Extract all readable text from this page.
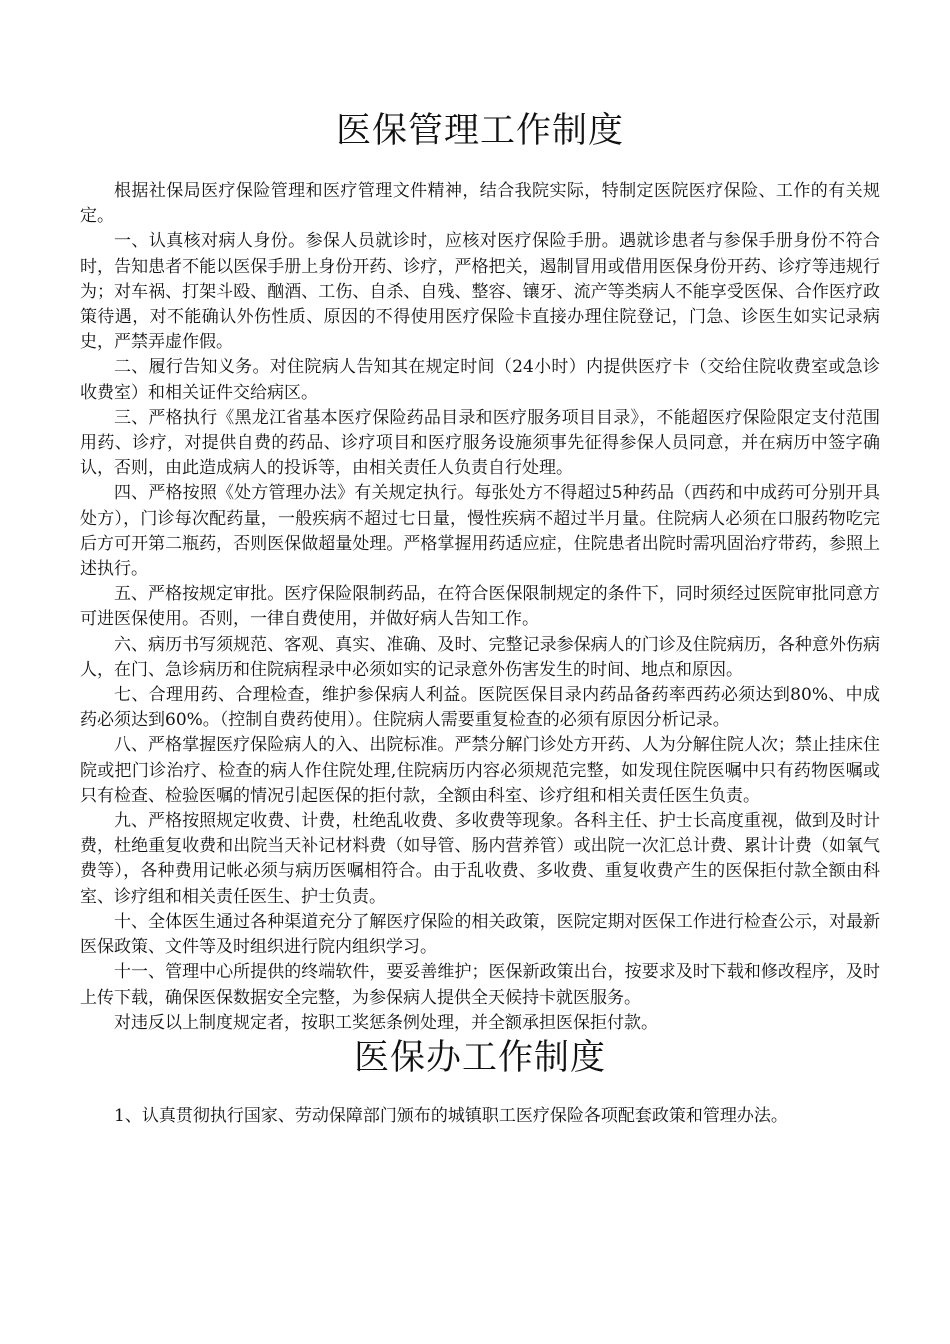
医保管理工作制度

根据社保局医疗保险管理和医疗管理文件精神，结合我院实际，特制定医院医疗保险、工作的有关规定。

一、认真核对病人身份。参保人员就诊时，应核对医疗保险手册。遇就诊患者与参保手册身份不符合时，告知患者不能以医保手册上身份开药、诊疗，严格把关，遏制冒用或借用医保身份开药、诊疗等违规行为；对车祸、打架斗殴、酗酒、工伤、自杀、自残、整容、镶牙、流产等类病人不能享受医保、合作医疗政策待遇，对不能确认外伤性质、原因的不得使用医疗保险卡直接办理住院登记，门急、诊医生如实记录病史，严禁弄虚作假。

二、履行告知义务。对住院病人告知其在规定时间（24小时）内提供医疗卡（交给住院收费室或急诊收费室）和相关证件交给病区。

三、严格执行《黑龙江省基本医疗保险药品目录和医疗服务项目目录》，不能超医疗保险限定支付范围用药、诊疗，对提供自费的药品、诊疗项目和医疗服务设施须事先征得参保人员同意，并在病历中签字确认，否则，由此造成病人的投诉等，由相关责任人负责自行处理。

四、严格按照《处方管理办法》有关规定执行。每张处方不得超过5种药品（西药和中成药可分别开具处方），门诊每次配药量，一般疾病不超过七日量，慢性疾病不超过半月量。住院病人必须在口服药物吃完后方可开第二瓶药，否则医保做超量处理。严格掌握用药适应症，住院患者出院时需巩固治疗带药，参照上述执行。

五、严格按规定审批。医疗保险限制药品，在符合医保限制规定的条件下，同时须经过医院审批同意方可进医保使用。否则，一律自费使用，并做好病人告知工作。

六、病历书写须规范、客观、真实、准确、及时、完整记录参保病人的门诊及住院病历，各种意外伤病人，在门、急诊病历和住院病程录中必须如实的记录意外伤害发生的时间、地点和原因。

七、合理用药、合理检查，维护参保病人利益。医院医保目录内药品备药率西药必须达到80%、中成药必须达到60%。（控制自费药使用）。住院病人需要重复检查的必须有原因分析记录。

八、严格掌握医疗保险病人的入、出院标准。严禁分解门诊处方开药、人为分解住院人次；禁止挂床住院或把门诊治疗、检查的病人作住院处理,住院病历内容必须规范完整，如发现住院医嘱中只有药物医嘱或只有检查、检验医嘱的情况引起医保的拒付款，全额由科室、诊疗组和相关责任医生负责。

九、严格按照规定收费、计费，杜绝乱收费、多收费等现象。各科主任、护士长高度重视，做到及时计费，杜绝重复收费和出院当天补记材料费（如导管、肠内营养管）或出院一次汇总计费、累计计费（如氧气费等），各种费用记帐必须与病历医嘱相符合。由于乱收费、多收费、重复收费产生的医保拒付款全额由科室、诊疗组和相关责任医生、护士负责。

十、全体医生通过各种渠道充分了解医疗保险的相关政策，医院定期对医保工作进行检查公示，对最新医保政策、文件等及时组织进行院内组织学习。

十一、管理中心所提供的终端软件，要妥善维护；医保新政策出台，按要求及时下载和修改程序，及时上传下载，确保医保数据安全完整，为参保病人提供全天候持卡就医服务。

对违反以上制度规定者，按职工奖惩条例处理，并全额承担医保拒付款。

医保办工作制度

1、认真贯彻执行国家、劳动保障部门颁布的城镇职工医疗保险各项配套政策和管理办法。
